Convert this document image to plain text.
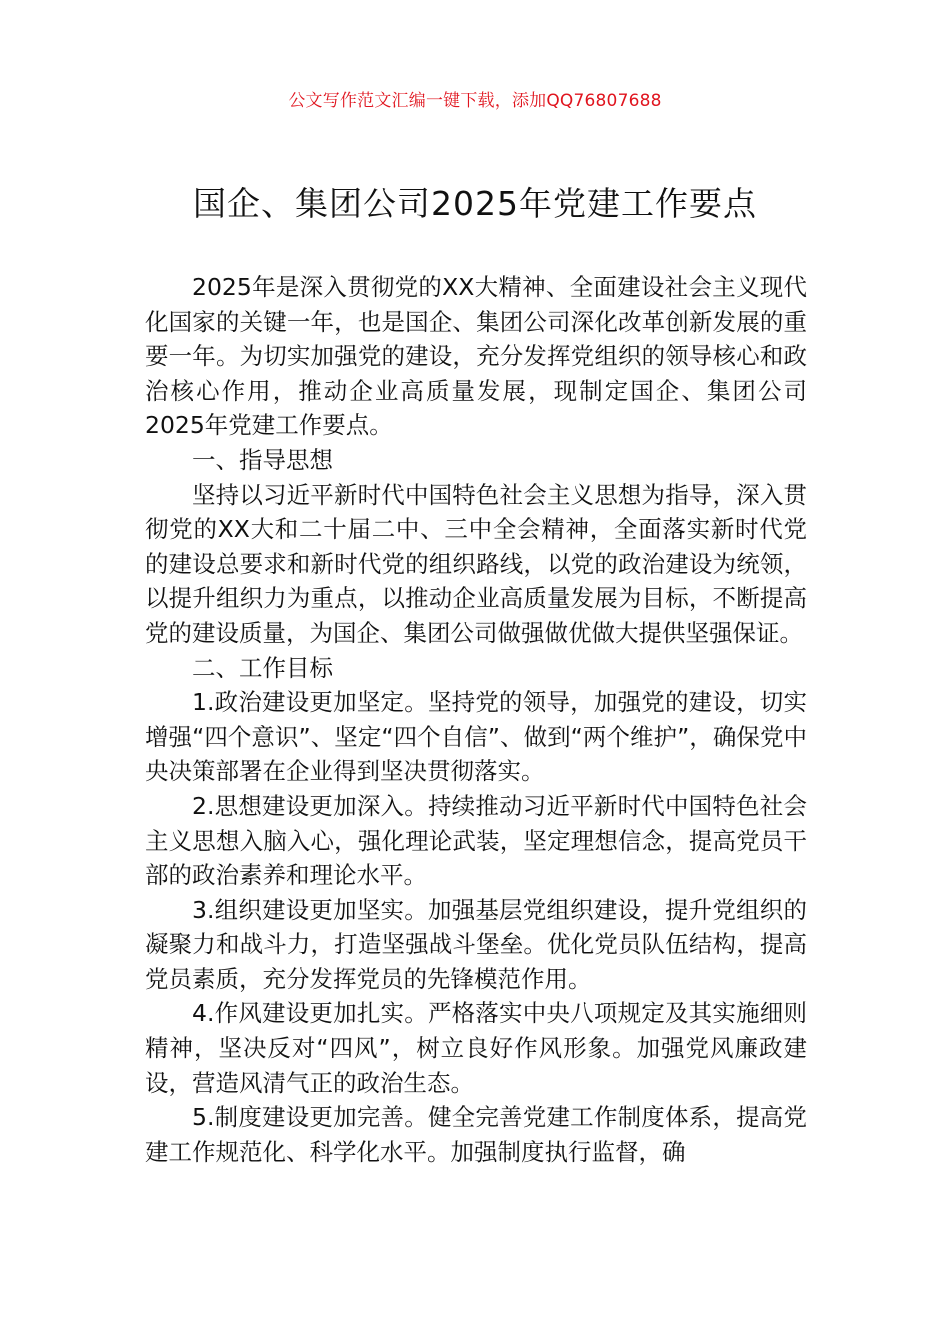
公文写作范文汇编一键下载，添加QQ76807688
国企、集团公司2025年党建工作要点

2025年是深入贯彻党的XX大精神、全面建设社会主义现代化国家的关键一年，也是国企、集团公司深化改革创新发展的重要一年。为切实加强党的建设，充分发挥党组织的领导核心和政治核心作用，推动企业高质量发展，现制定国企、集团公司2025年党建工作要点。

一、指导思想

坚持以习近平新时代中国特色社会主义思想为指导，深入贯彻党的XX大和二十届二中、三中全会精神，全面落实新时代党的建设总要求和新时代党的组织路线，以党的政治建设为统领，以提升组织力为重点，以推动企业高质量发展为目标，不断提高党的建设质量，为国企、集团公司做强做优做大提供坚强保证。

二、工作目标

1.政治建设更加坚定。坚持党的领导，加强党的建设，切实增强“四个意识”、坚定“四个自信”、做到“两个维护”，确保党中央决策部署在企业得到坚决贯彻落实。

2.思想建设更加深入。持续推动习近平新时代中国特色社会主义思想入脑入心，强化理论武装，坚定理想信念，提高党员干部的政治素养和理论水平。

3.组织建设更加坚实。加强基层党组织建设，提升党组织的凝聚力和战斗力，打造坚强战斗堡垒。优化党员队伍结构，提高党员素质，充分发挥党员的先锋模范作用。

4.作风建设更加扎实。严格落实中央八项规定及其实施细则精神，坚决反对“四风”，树立良好作风形象。加强党风廉政建设，营造风清气正的政治生态。

5.制度建设更加完善。健全完善党建工作制度体系，提高党建工作规范化、科学化水平。加强制度执行监督，确
